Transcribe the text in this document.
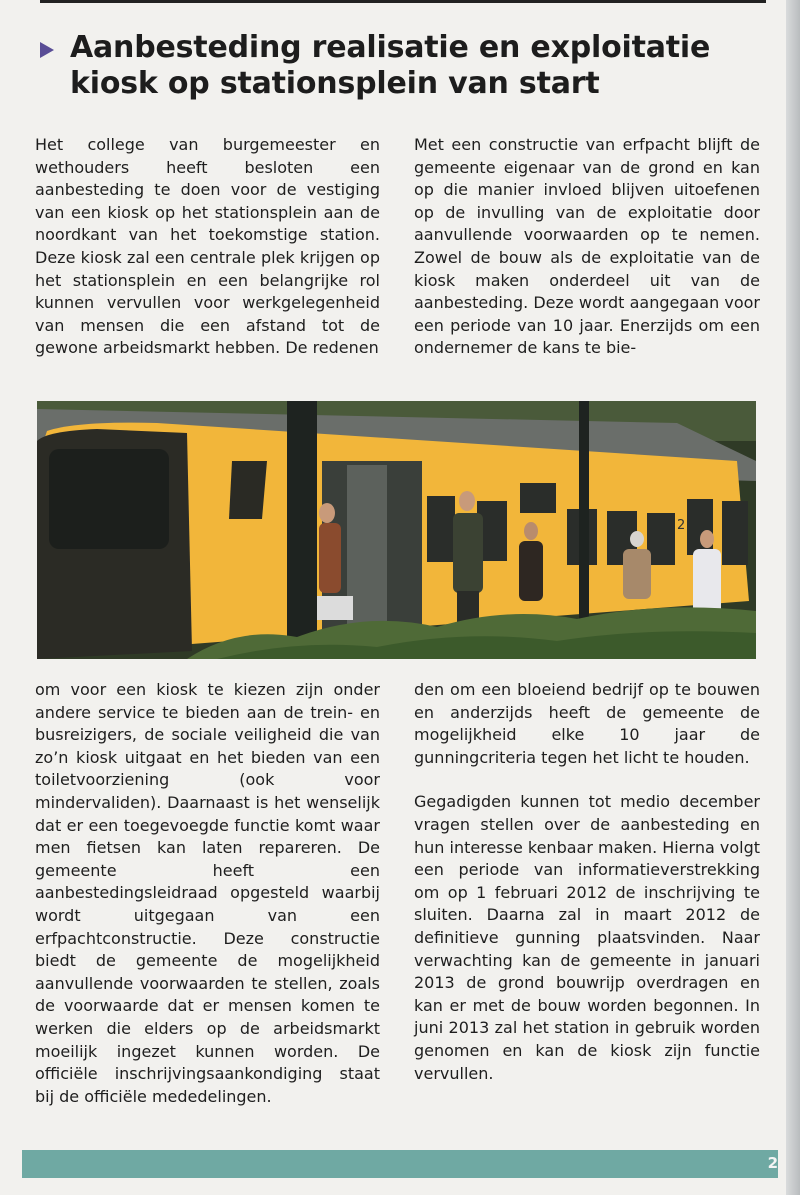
Aanbesteding realisatie en exploitatie kiosk op stationsplein van start

Het college van burgemeester en wethouders heeft besloten een aanbesteding te doen voor de vestiging van een kiosk op het stationsplein aan de noordkant van het toekomstige station. Deze kiosk zal een centrale plek krijgen op het stationsplein en een belangrijke rol kunnen vervullen voor werkgelegenheid van mensen die een afstand tot de gewone arbeidsmarkt hebben. De redenen

Met een constructie van erfpacht blijft de gemeente eigenaar van de grond en kan op die manier invloed blijven uitoefenen op de invulling van de exploitatie door aanvullende voorwaarden op te nemen. Zowel de bouw als de exploitatie van de kiosk maken onderdeel uit van de aanbesteding. Deze wordt aangegaan voor een periode van 10 jaar. Enerzijds om een ondernemer de kans te bie-

2

om voor een kiosk te kiezen zijn onder andere service te bieden aan de trein- en busreizigers, de sociale veiligheid die van zo’n kiosk uitgaat en het bieden van een toiletvoorziening (ook voor mindervaliden). Daarnaast is het wenselijk dat er een toegevoegde functie komt waar men fietsen kan laten repareren. De gemeente heeft een aanbestedingsleidraad opgesteld waarbij wordt uitgegaan van een erfpachtconstructie. Deze constructie biedt de gemeente de mogelijkheid aanvullende voorwaarden te stellen, zoals de voorwaarde dat er mensen komen te werken die elders op de arbeidsmarkt moeilijk ingezet kunnen worden. De officiële inschrijvingsaankondiging staat bij de officiële mededelingen.

den om een bloeiend bedrijf op te bouwen en anderzijds heeft de gemeente de mogelijkheid elke 10 jaar de gunningcriteria tegen het licht te houden.

Gegadigden kunnen tot medio december vragen stellen over de aanbesteding en hun interesse kenbaar maken. Hierna volgt een periode van informatieverstrekking om op 1 februari 2012 de inschrijving te sluiten. Daarna zal in maart 2012 de definitieve gunning plaatsvinden. Naar verwachting kan de gemeente in januari 2013 de grond bouwrijp overdragen en kan er met de bouw worden begonnen. In juni 2013 zal het station in gebruik worden genomen en kan de kiosk zijn functie vervullen.

2
